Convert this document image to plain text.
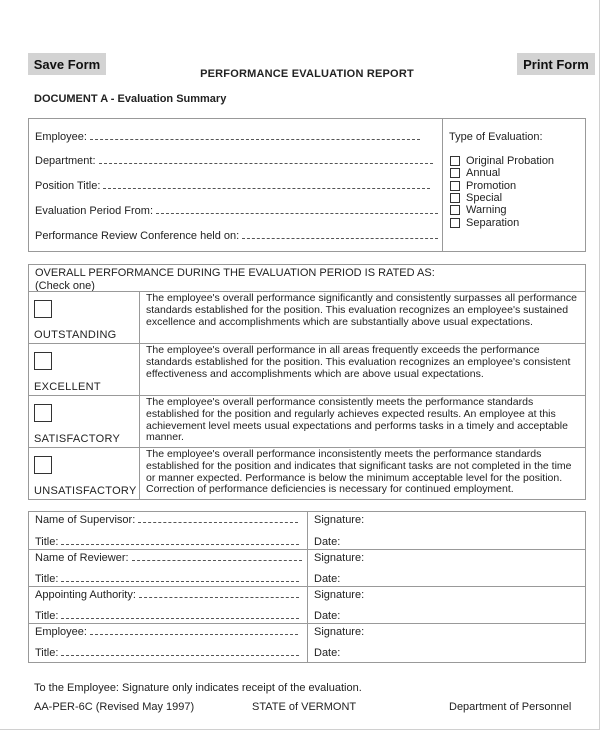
Save Form	Print Form
PERFORMANCE EVALUATION REPORT
DOCUMENT A - Evaluation Summary
Employee:
Department:
Position Title:
Evaluation Period From:
Performance Review Conference held on:
Type of Evaluation:
Original Probation
Annual
Promotion
Special
Warning
Separation
OVERALL PERFORMANCE DURING THE EVALUATION PERIOD IS RATED AS:
(Check one)
OUTSTANDING
The employee's overall performance significantly and consistently surpasses all performance standards established for the position. This evaluation recognizes an employee's sustained excellence and accomplishments which are substantially above usual expectations.
EXCELLENT
The employee's overall performance in all areas frequently exceeds the performance standards established for the position. This evaluation recognizes an employee's consistent effectiveness and accomplishments which are above usual expectations.
SATISFACTORY
The employee's overall performance consistently meets the performance standards established for the position and regularly achieves expected results. An employee at this achievement level meets usual expectations and performs tasks in a timely and acceptable manner.
UNSATISFACTORY
The employee's overall performance inconsistently meets the performance standards established for the position and indicates that significant tasks are not completed in the time or manner expected. Performance is below the minimum acceptable level for the position. Correction of performance deficiencies is necessary for continued employment.
Name of Supervisor:
Title:
Signature:
Date:
Name of Reviewer:
Title:
Signature:
Date:
Appointing Authority:
Title:
Signature:
Date:
Employee:
Title:
Signature:
Date:
To the Employee: Signature only indicates receipt of the evaluation.
AA-PER-6C (Revised May 1997)	STATE of VERMONT	Department of Personnel
